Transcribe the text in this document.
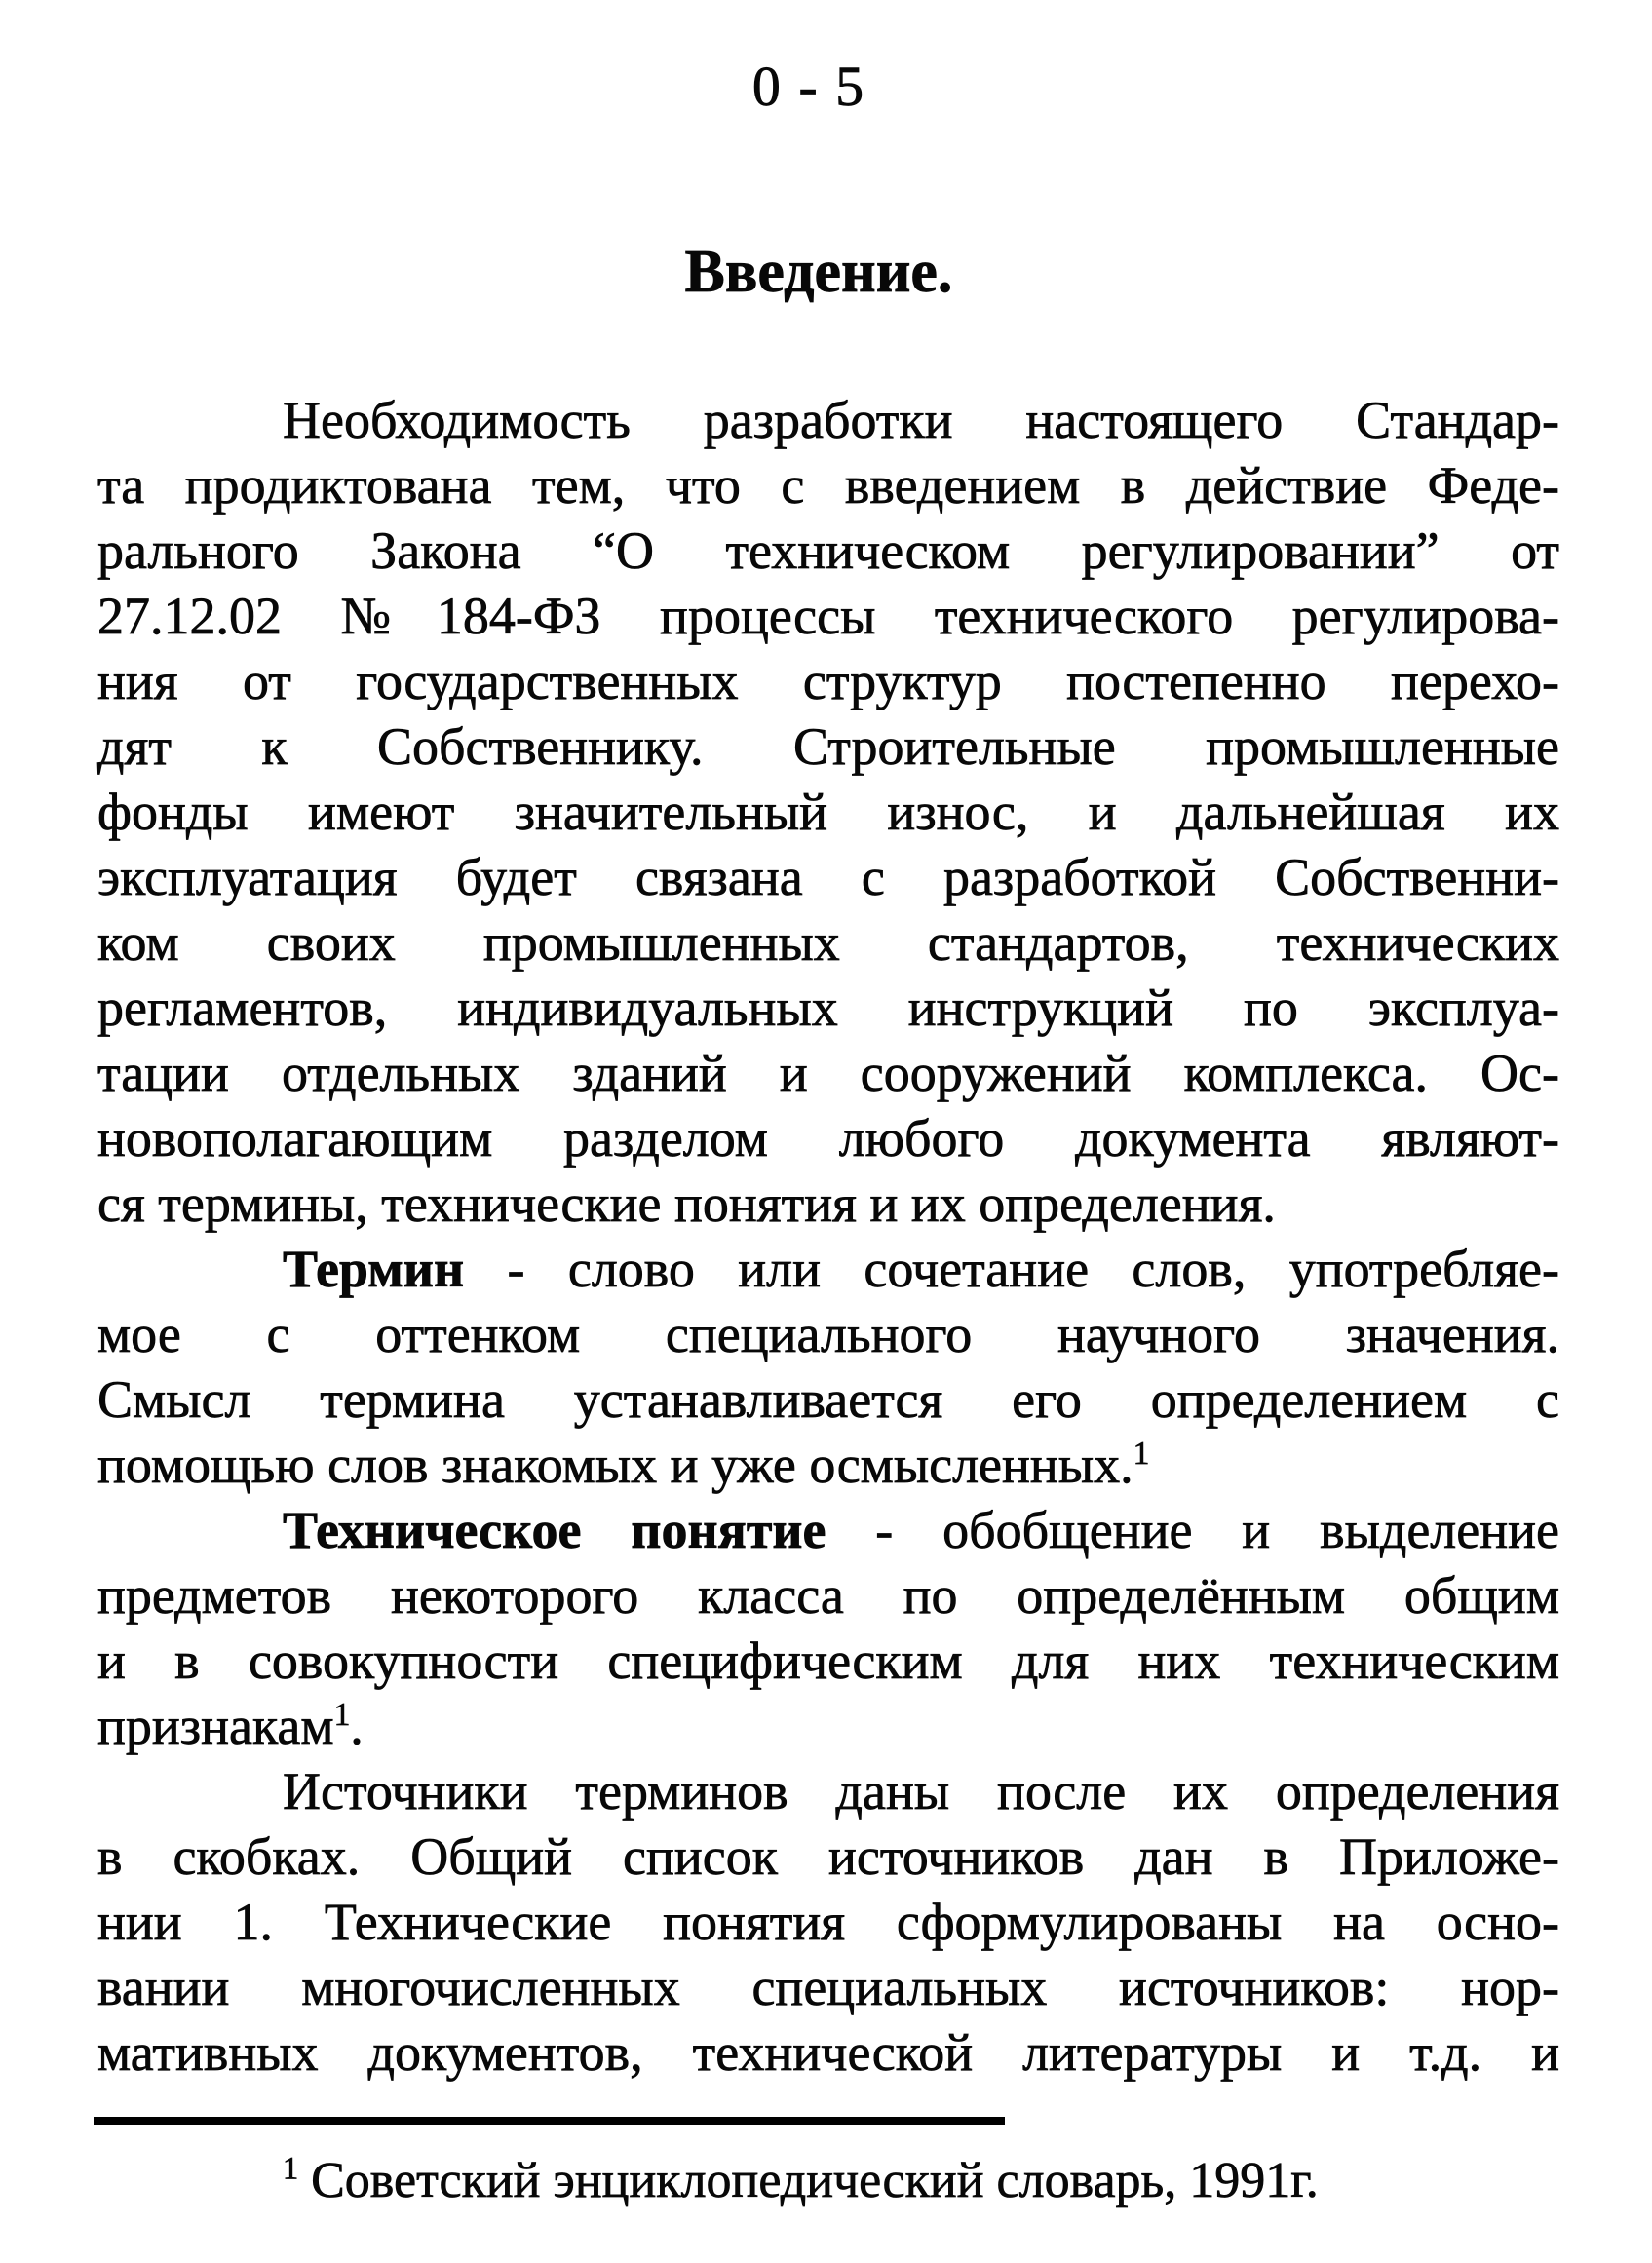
0 - 5
Введение.
Необходимость разработки настоящего Стандар-
та продиктована тем, что с введением в действие Феде-
рального Закона “О техническом регулировании” от
27.12.02 №184-ФЗ процессы технического регулирова-
ния от государственных структур постепенно перехо-
дят к Собственнику. Строительные промышленные
фонды имеют значительный износ, и дальнейшая их
эксплуатация будет связана с разработкой Собственни-
ком своих промышленных стандартов, технических
регламентов, индивидуальных инструкций по эксплуа-
тации отдельных зданий и сооружений комплекса. Ос-
новополагающим разделом любого документа являют-
ся термины, технические понятия и их определения.
Термин - слово или сочетание слов, употребляе-
мое с оттенком специального научного значения.
Смысл термина устанавливается его определением с
помощью слов знакомых и уже осмысленных.$^1$
Техническое понятие - обобщение и выделение
предметов некоторого класса по определённым общим
и в совокупности специфическим для них техническим
признакам$^1$.
Источники терминов даны после их определения
в скобках. Общий список источников дан в Приложе-
нии 1. Технические понятия сформулированы на осно-
вании многочисленных специальных источников: нор-
мативных документов, технической литературы и т.д. и
$^1$ Советский энциклопедический словарь, 1991г.
